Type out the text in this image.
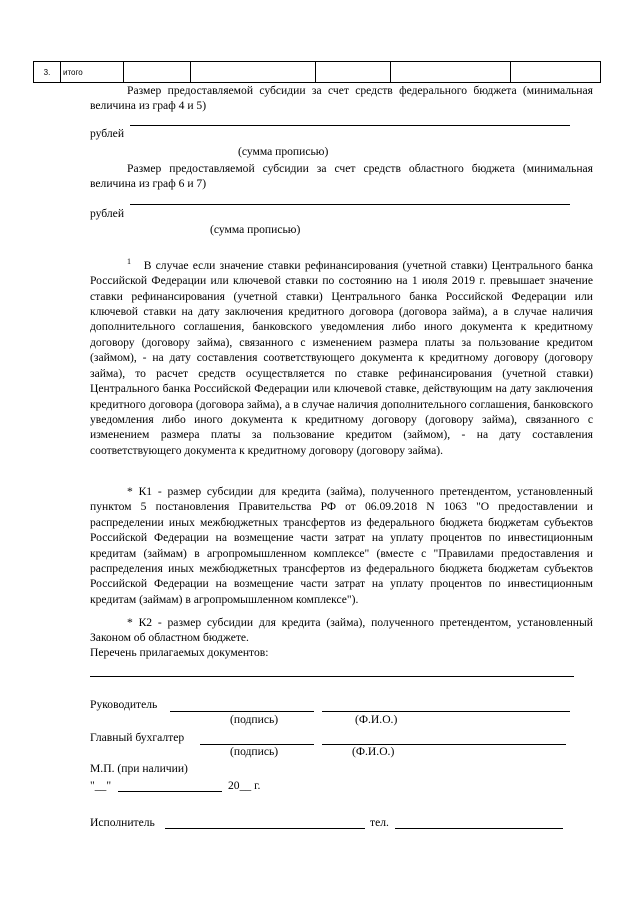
3.	итого					
Размер предоставляемой субсидии за счет средств федерального бюджета (минимальная величина из граф 4 и 5)
рублей
(сумма прописью)
Размер предоставляемой субсидии за счет средств областного бюджета (минимальная величина из граф 6 и 7)
рублей
(сумма прописью)
$^1$ В случае если значение ставки рефинансирования (учетной ставки) Центрального банка Российской Федерации или ключевой ставки по состоянию на 1 июля 2019 г. превышает значение ставки рефинансирования (учетной ставки) Центрального банка Российской Федерации или ключевой ставки на дату заключения кредитного договора (договора займа), а в случае наличия дополнительного соглашения, банковского уведомления либо иного документа к кредитному договору (договору займа), связанного с изменением размера платы за пользование кредитом (займом), - на дату составления соответствующего документа к кредитному договору (договору займа), то расчет средств осуществляется по ставке рефинансирования (учетной ставки) Центрального банка Российской Федерации или ключевой ставке, действующим на дату заключения кредитного договора (договора займа), а в случае наличия дополнительного соглашения, банковского уведомления либо иного документа к кредитному договору (договору займа), связанного с изменением размера платы за пользование кредитом (займом), - на дату составления соответствующего документа к кредитному договору (договору займа).
* К1 - размер субсидии для кредита (займа), полученного претендентом, установленный пунктом 5 постановления Правительства РФ от 06.09.2018 N 1063 "О предоставлении и распределении иных межбюджетных трансфертов из федерального бюджета бюджетам субъектов Российской Федерации на возмещение части затрат на уплату процентов по инвестиционным кредитам (займам) в агропромышленном комплексе" (вместе с "Правилами предоставления и распределения иных межбюджетных трансфертов из федерального бюджета бюджетам субъектов Российской Федерации на возмещение части затрат на уплату процентов по инвестиционным кредитам (займам) в агропромышленном комплексе").
* К2 - размер субсидии для кредита (займа), полученного претендентом, установленный Законом об областном бюджете.
Перечень прилагаемых документов:
Руководитель
(подпись)	(Ф.И.О.)
Главный бухгалтер
(подпись)	(Ф.И.О.)
М.П. (при наличии)
"__"	20__ г.
Исполнитель	тел.
